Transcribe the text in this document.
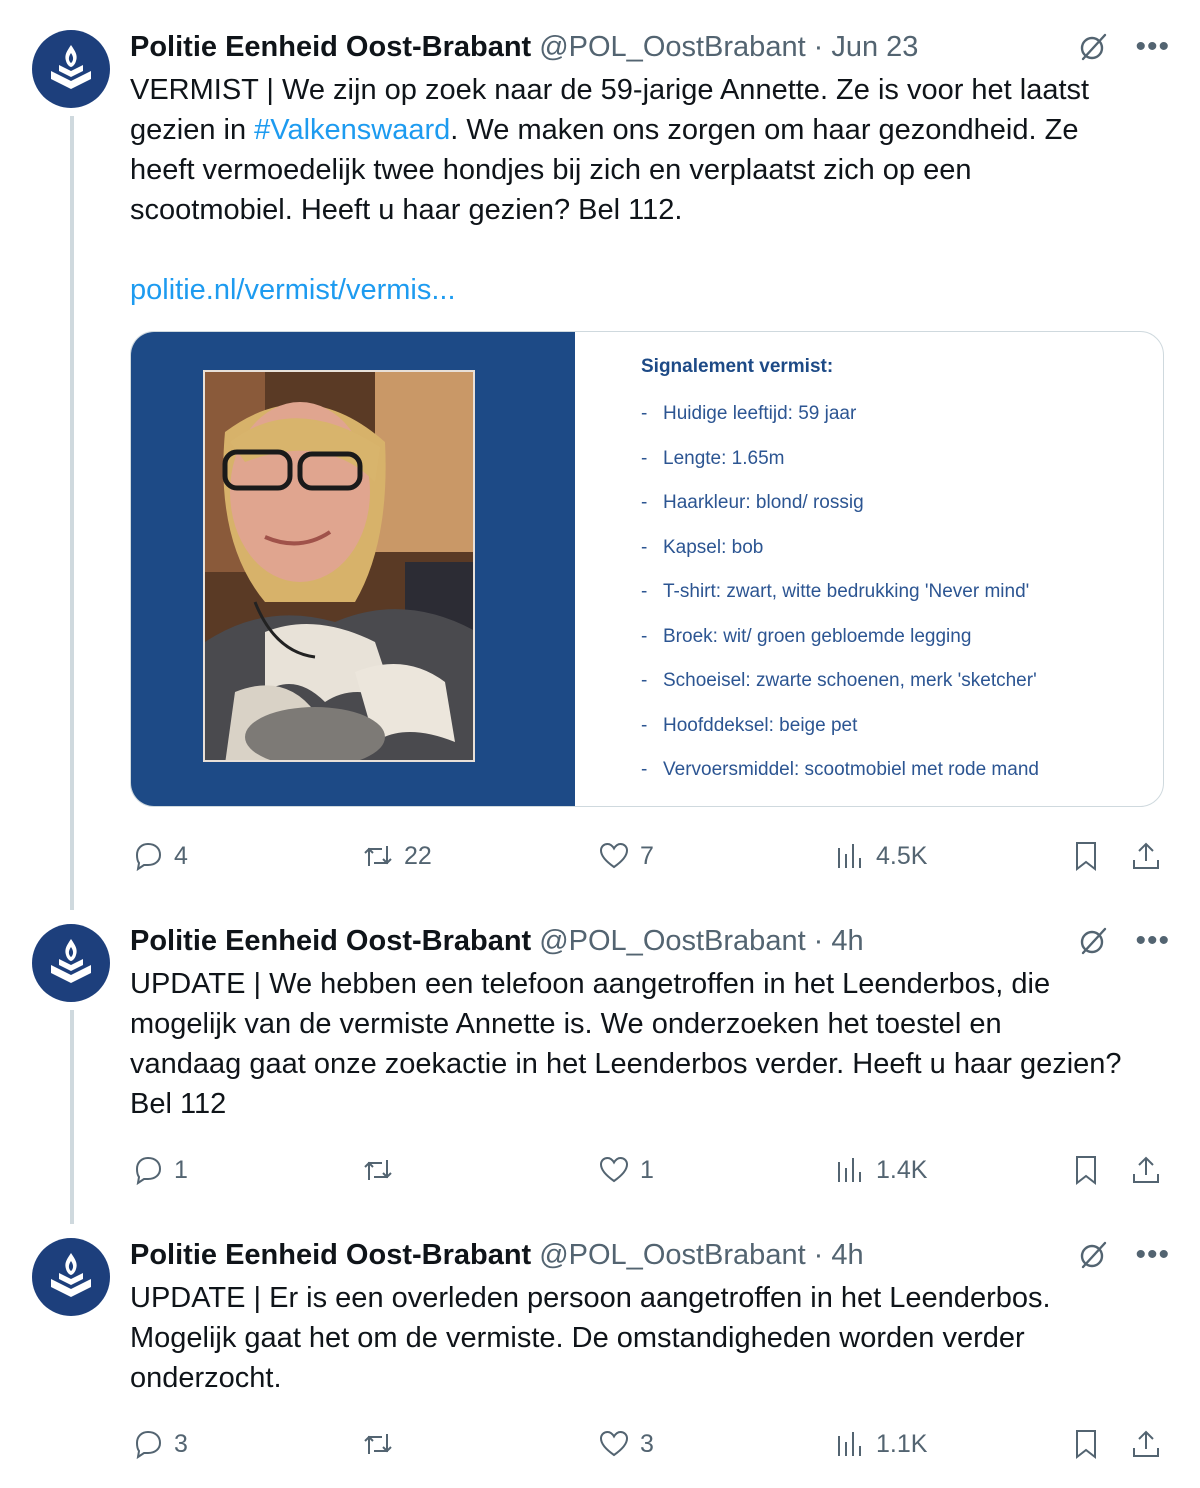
Politie Eenheid Oost-Brabant @POL_OostBrabant · Jun 23	•••
VERMIST | We zijn op zoek naar de 59-jarige Annette. Ze is voor het laatst
gezien in #Valkenswaard. We maken ons zorgen om haar gezondheid. Ze
heeft vermoedelijk twee hondjes bij zich en verplaatst zich op een
scootmobiel. Heeft u haar gezien? Bel 112.
politie.nl/vermist/vermis...
Signalement vermist:
- Huidige leeftijd: 59 jaar
- Lengte: 1.65m
- Haarkleur: blond/ rossig
- Kapsel: bob
- T-shirt: zwart, witte bedrukking 'Never mind'
- Broek: wit/ groen gebloemde legging
- Schoeisel: zwarte schoenen, merk 'sketcher'
- Hoofddeksel: beige pet
- Vervoersmiddel: scootmobiel met rode mand
4	22	7	4.5K
Politie Eenheid Oost-Brabant @POL_OostBrabant · 4h	•••
UPDATE | We hebben een telefoon aangetroffen in het Leenderbos, die
mogelijk van de vermiste Annette is. We onderzoeken het toestel en
vandaag gaat onze zoekactie in het Leenderbos verder. Heeft u haar gezien?
Bel 112
1	1	1.4K
Politie Eenheid Oost-Brabant @POL_OostBrabant · 4h	•••
UPDATE | Er is een overleden persoon aangetroffen in het Leenderbos.
Mogelijk gaat het om de vermiste. De omstandigheden worden verder
onderzocht.
3	3	1.1K
